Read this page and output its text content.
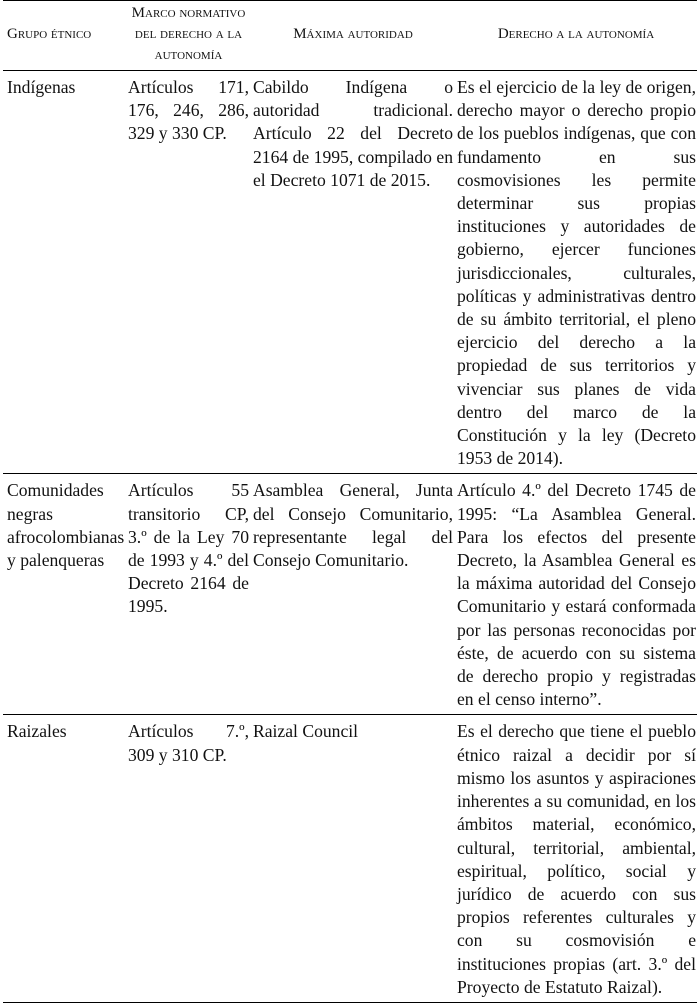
Grupo étnico	Marco normativo del derecho a la autonomía	Máxima autoridad	Derecho a la autonomía
Indígenas	Artículos 171, 176, 246, 286, 329 y 330 CP.	Cabildo Indígena o autoridad tradicional. Artículo 22 del Decreto 2164 de 1995, compilado en el Decreto 1071 de 2015.	Es el ejercicio de la ley de origen, derecho mayor o derecho propio de los pueblos indígenas, que con fundamento en sus cosmovisiones les permite determinar sus propias instituciones y autoridades de gobierno, ejercer funciones jurisdiccionales, culturales, políticas y administrativas dentro de su ámbito territorial, el pleno ejercicio del derecho a la propiedad de sus territorios y vivenciar sus planes de vida dentro del marco de la Constitución y la ley (Decreto 1953 de 2014).
Comunidades negras afrocolombianas y palenqueras	Artículos 55 transitorio CP, 3.º de la Ley 70 de 1993 y 4.º del Decreto 2164 de 1995.	Asamblea General, Junta del Consejo Comunitario, representante legal del Consejo Comunitario.	Artículo 4.º del Decreto 1745 de 1995: “La Asamblea General. Para los efectos del presente Decreto, la Asamblea General es la máxima autoridad del Consejo Comunitario y estará conformada por las personas reconocidas por éste, de acuerdo con su sistema de derecho propio y registradas en el censo interno”.
Raizales	Artículos 7.º, 309 y 310 CP.	Raizal Council	Es el derecho que tiene el pueblo étnico raizal a decidir por sí mismo los asuntos y aspiraciones inherentes a su comunidad, en los ámbitos material, económico, cultural, territorial, ambiental, espiritual, político, social y jurídico de acuerdo con sus propios referentes culturales y con su cosmovisión e instituciones propias (art. 3.º del Proyecto de Estatuto Raizal).
